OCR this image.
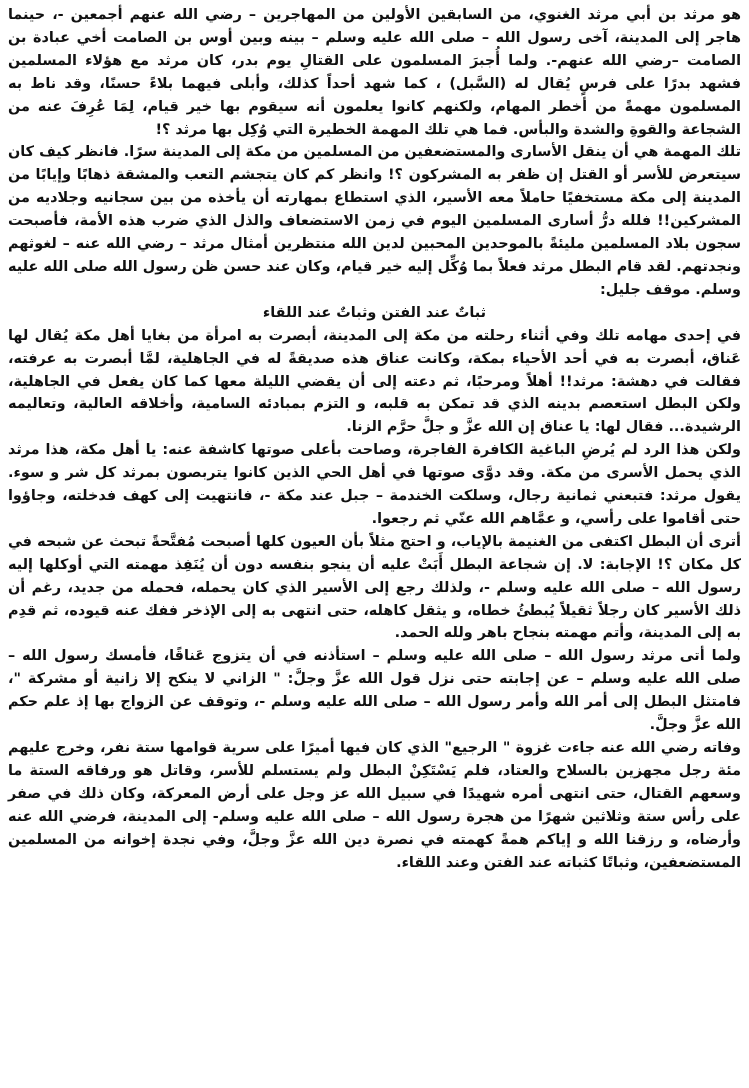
هو مرثد بن أبي مرثد الغنوي، من السابقين الأولين من المهاجرين – رضي الله عنهم أجمعين -، حينما هاجر إلى المدينة، آخى رسول الله – صلى الله عليه وسلم – بينه وبين أوس بن الصامت أخي عبادة بن الصامت –رضي الله عنهم-. ولما أُجبرَ المسلمون على القتالِ يوم بدر، كان مرثد مع هؤلاء المسلمين فشهد بدرًا على فرسٍ يُقال له (السَّبل) ، كما شهد أحداً كذلك، وأبلى فيهما بلاءً حسنًا، وقد ناط به المسلمون مهمةً من أخطر المهام، ولكنهم كانوا يعلمون أنه سيقوم بها خير قيام، لِمَا عُرِفَ عنه من الشجاعة والقوةِ والشدة والبأس. فما هي تلك المهمة الخطيرة التي وُكِل بها مرثد ؟!

تلك المهمة هي أن ينقل الأسارى والمستضعفين من المسلمين من مكة إلى المدينة سرًا. فانظر كيف كان سيتعرض للأسر أو القتل إن ظفر به المشركون ؟! وانظر كم كان يتجشم التعب والمشقة ذهابًا وإيابًا من المدينة إلى مكة مستخفيًا حاملاً معه الأسير، الذي استطاع بمهارته أن يأخذه من بين سجانيه وجلاديه من المشركين!! فلله درُّ أسارى المسلمين اليوم في زمن الاستضعاف والذل الذي ضرب هذه الأمة، فأصبحت سجون بلاد المسلمين مليئةً بالموحدين المحبين لدين الله منتظرين أمثال مرثد – رضي الله عنه – لغوثهم ونجدتهم. لقد قام البطل مرثد فعلاً بما وُكِّل إليه خير قيام، وكان عند حسن ظن رسول الله صلى الله عليه وسلم. موقف جليل:

ثباتٌ عند الفتن وثباتٌ عند اللقاء

في إحدى مهامه تلك وفي أثناء رحلته من مكة إلى المدينة، أبصرت به امرأة من بغايا أهل مكة يُقال لها عَناق، أبصرت به في أحد الأحياء بمكة، وكانت عناق هذه صديقةً له في الجاهلية، لمَّا أبصرت به عرفته، فقالت في دهشة: مرثد!! أهلاً ومرحبًا، ثم دعته إلى أن يقضي الليلة معها كما كان يفعل في الجاهلية، ولكن البطل استعصم بدينه الذي قد تمكن به قلبه، و التزم بمبادئه السامية، وأخلاقه العالية، وتعاليمه الرشيدة... فقال لها: يا عناق إن الله عزَّ و جلَّ حرَّم الزنا.

ولكن هذا الرد لم يُرضِ الباغية الكافرة الفاجرة، وصاحت بأعلى صوتها كاشفة عنه: يا أهل مكة، هذا مرثد الذي يحمل الأسرى من مكة. وقد دوَّى صوتها في أهل الحي الذين كانوا يتربصون بمرثد كل شر و سوء. يقول مرثد: فتبعني ثمانية رجال، وسلكت الخندمة – جبل عند مكة -، فانتهيت إلى كهف فدخلته، وجاؤوا حتى أقاموا على رأسي، و عمَّاهم الله عنّي ثم رجعوا.

أترى أن البطل اكتفى من الغنيمة بالإياب، و احتج مثلاً بأن العيون كلها أصبحت مُفتَّحةً تبحث عن شبحه في كل مكان ؟! الإجابة: لا. إن شجاعة البطل أَبَتْ عليه أن ينجو بنفسه دون أن يُنَفِذ مهمته التي أوكلها إليه رسول الله – صلى الله عليه وسلم -، ولذلك رجع إلى الأسير الذي كان يحمله، فحمله من جديد، رغم أن ذلك الأسير كان رجلاً ثقيلاً يُبطئُ خطاه، و يثقل كاهله، حتى انتهى به إلى الإذخر ففك عنه قيوده، ثم قدِم به إلى المدينة، وأتم مهمته بنجاح باهر ولله الحمد.

ولما أتى مرثد رسول الله – صلى الله عليه وسلم – استأذنه في أن يتزوج عَناقًا، فأمسك رسول الله – صلى الله عليه وسلم – عن إجابته حتى نزل قول الله عزَّ وجلَّ: " الزاني لا ينكح إلا زانية أو مشركة "، فامتثل البطل إلى أمر الله وأمر رسول الله – صلى الله عليه وسلم -، وتوقف عن الزواج بها إذ علم حكم الله عزَّ وجلَّ.

وفاته رضي الله عنه جاءت غزوة " الرجيع" الذي كان فيها أميرًا على سرية قوامها ستة نفر، وخرج عليهم مئة رجل مجهزين بالسلاح والعتاد، فلم يَسْتَكِنْ البطل ولم يستسلم للأسر، وقاتل هو ورفاقه الستة ما وسعهم القتال، حتى انتهى أمره شهيدًا في سبيل الله عز وجل على أرض المعركة، وكان ذلك في صفر على رأس ستة وثلاثين شهرًا من هجرة رسول الله – صلى الله عليه وسلم- إلى المدينة، فرضي الله عنه وأرضاه، و رزقنا الله و إياكم همةً كهمته في نصرة دين الله عزَّ وجلَّ، وفي نجدة إخوانه من المسلمين المستضعفين، وثباتًا كثباته عند الفتن وعند اللقاء.
